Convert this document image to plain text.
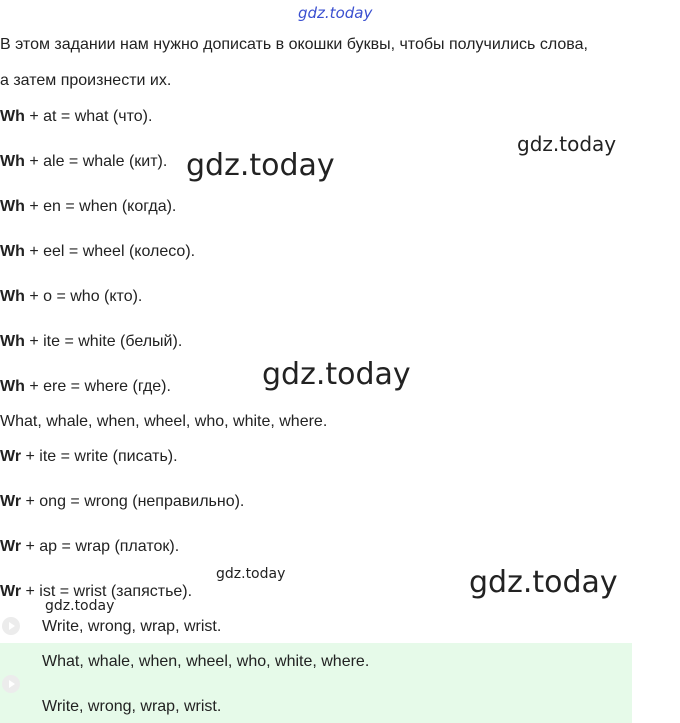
gdz.today
В этом задании нам нужно дописать в окошки буквы, чтобы получились слова,
а затем произнести их.
Wh + at = what (что).
Wh + ale = whale (кит).
Wh + en = when (когда).
Wh + eel = wheel (колесо).
Wh + o = who (кто).
Wh + ite = white (белый).
Wh + ere = where (где).
What, whale, when, wheel, who, white, where.
Wr + ite = write (писать).
Wr + ong = wrong (неправильно).
Wr + ap = wrap (платок).
Wr + ist = wrist (запястье).
Write, wrong, wrap, wrist.
What, whale, when, wheel, who, white, where.
Write, wrong, wrap, wrist.
gdz.today
gdz.today
gdz.today
gdz.today	gdz.today
gdz.today
